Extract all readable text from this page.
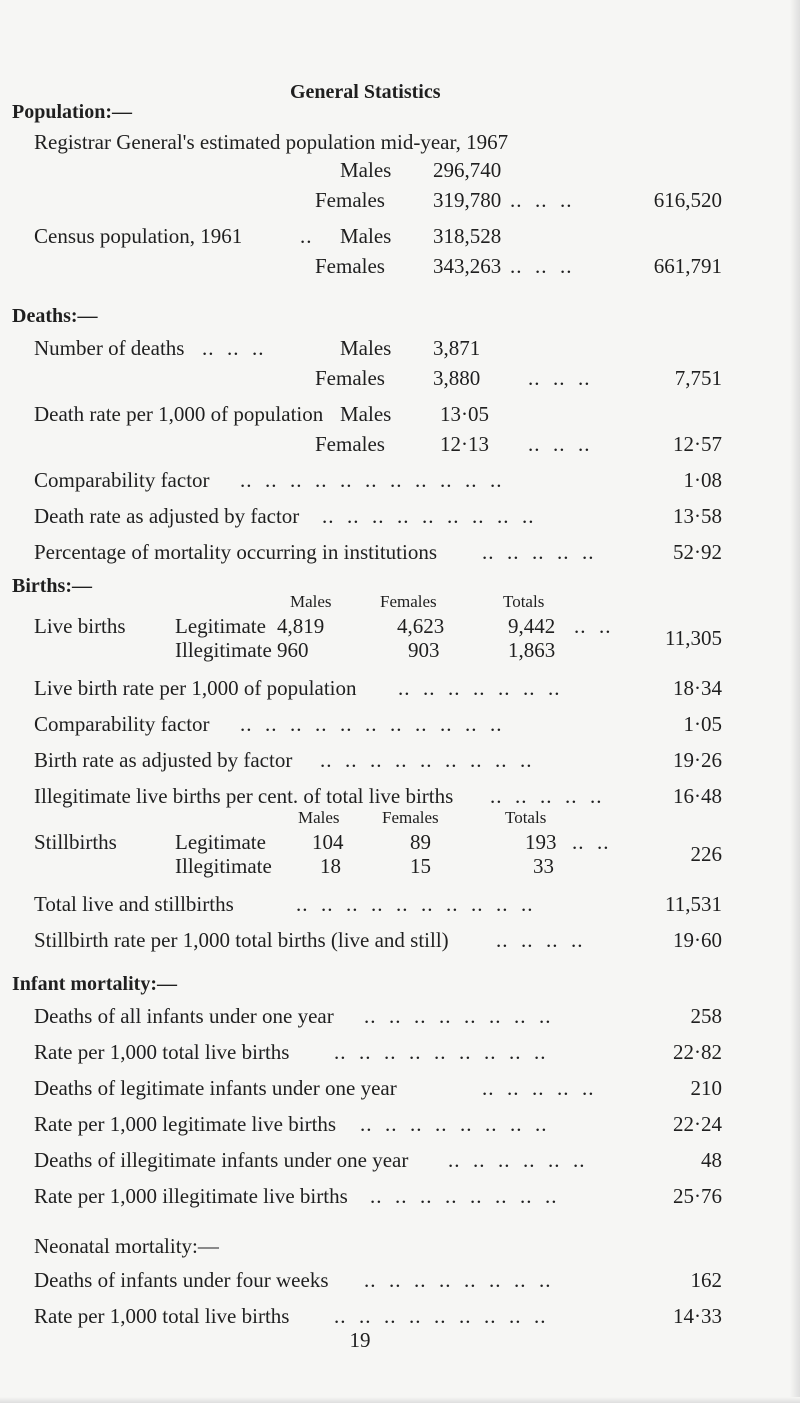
General Statistics
Population:—
Registrar General's estimated population mid-year, 1967
Males 296,740
Females 319,780 ..  ..  ..	616,520
Census population, 1961	.. Males 318,528
Females 343,263 ..  ..  ..	661,791
Deaths:—
Number of deaths ..  ..  ..	Males 3,871
Females 3,880 ..  ..  ..	7,751
Death rate per 1,000 of population Males 13·05
Females	12·13 ..  ..  ..	12·57
Comparability factor ..  ..  ..  ..  ..  ..  ..  ..  ..  ..  ..	1·08
Death rate as adjusted by factor ..  ..  ..  ..  ..  ..  ..  ..  ..	13·58
Percentage of mortality occurring in institutions ..  ..  ..  ..  ..	52·92
Births:—
Males	Females	Totals
Live births Legitimate 4,819	4,623	9,442 ..  ..
Illegitimate 960	903	1,863	11,305
Live birth rate per 1,000 of population ..  ..  ..  ..  ..  ..  ..	18·34
Comparability factor ..  ..  ..  ..  ..  ..  ..  ..  ..  ..  ..	1·05
Birth rate as adjusted by factor ..  ..  ..  ..  ..  ..  ..  ..  ..	19·26
Illegitimate live births per cent. of total live births ..  ..  ..  ..  ..	16·48
Males Females	Totals
Stillbirths	Legitimate 104	89	193 ..  ..
Illegitimate 18	15	33	226
Total live and stillbirths	..  ..  ..  ..  ..  ..  ..  ..  ..  ..	11,531
Stillbirth rate per 1,000 total births (live and still) ..  ..  ..  ..	19·60
Infant mortality:—
Deaths of all infants under one year ..  ..  ..  ..  ..  ..  ..  ..	258
Rate per 1,000 total live births ..  ..  ..  ..  ..  ..  ..  ..  ..	22·82
Deaths of legitimate infants under one year	..  ..  ..  ..  ..	210
Rate per 1,000 legitimate live births ..  ..  ..  ..  ..  ..  ..  ..	22·24
Deaths of illegitimate infants under one year ..  ..  ..  ..  ..  ..	48
Rate per 1,000 illegitimate live births ..  ..  ..  ..  ..  ..  ..  ..	25·76
Neonatal mortality:—
Deaths of infants under four weeks ..  ..  ..  ..  ..  ..  ..  ..	162
Rate per 1,000 total live births ..  ..  ..  ..  ..  ..  ..  ..  ..	14·33
19
